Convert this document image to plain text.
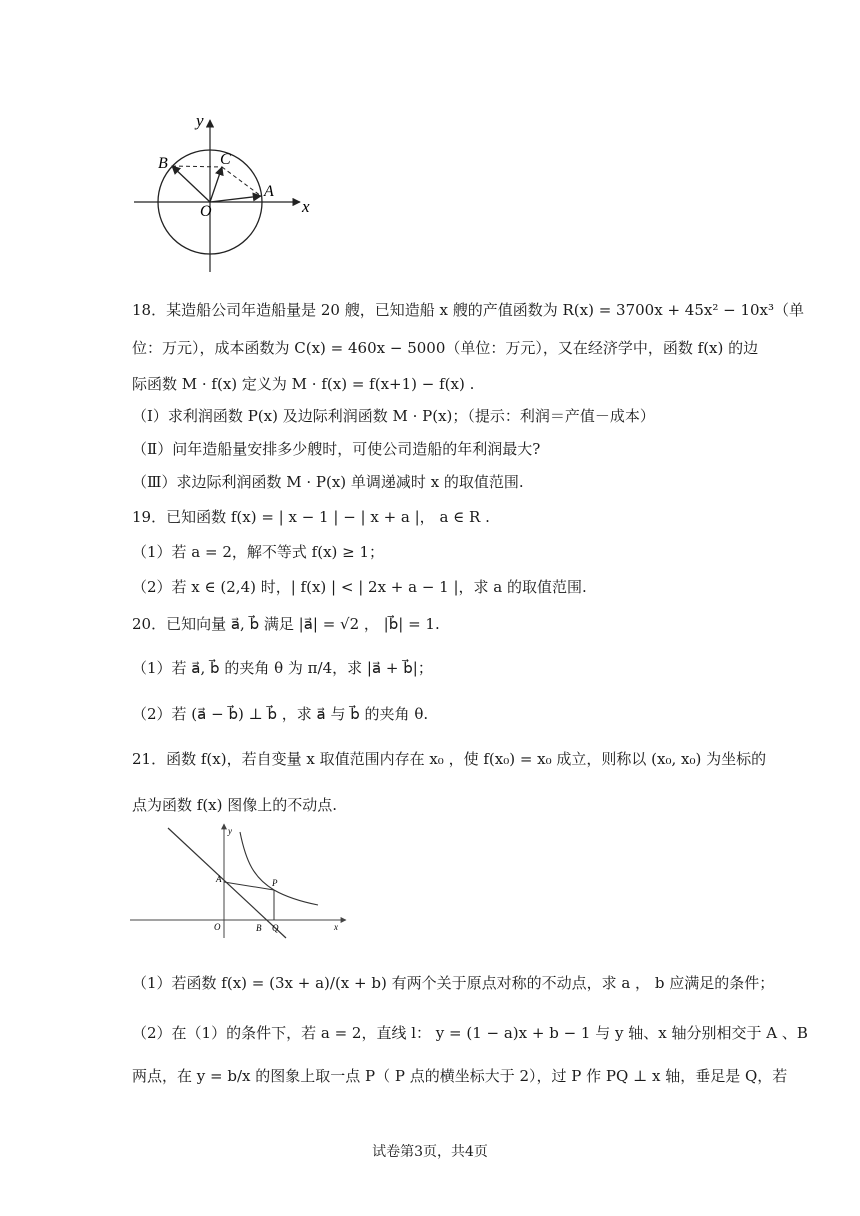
y
x
B	C
O
A
18．某造船公司年造船量是 20 艘，已知造船 x 艘的产值函数为 R(x) = 3700x + 45x² − 10x³（单
位：万元），成本函数为 C(x) = 460x − 5000（单位：万元），又在经济学中，函数 f(x) 的边
际函数 M · f(x) 定义为 M · f(x) = f(x+1) − f(x) .
（Ⅰ）求利润函数 P(x) 及边际利润函数 M · P(x)；（提示：利润＝产值－成本）
（Ⅱ）问年造船量安排多少艘时，可使公司造船的年利润最大?
（Ⅲ）求边际利润函数 M · P(x) 单调递减时 x 的取值范围.
19．已知函数 f(x) = | x − 1 | − | x + a |， a ∈ R .
（1）若 a = 2，解不等式 f(x) ≥ 1；
（2）若 x ∈ (2,4) 时，| f(x) | < | 2x + a − 1 |，求 a 的取值范围.
20．已知向量 a⃗, b⃗ 满足 |a⃗| = √2 ， |b⃗| = 1.
（1）若 a⃗, b⃗ 的夹角 θ 为 π/4，求 |a⃗ + b⃗|；
（2）若 (a⃗ − b⃗) ⊥ b⃗ ，求 a⃗ 与 b⃗ 的夹角 θ.
21．函数 f(x)，若自变量 x 取值范围内存在 x₀ ，使 f(x₀) = x₀ 成立，则称以 (x₀, x₀) 为坐标的
点为函数 f(x) 图像上的不动点.
y
x
A	P
O	B Q
（1）若函数 f(x) = (3x + a)/(x + b) 有两个关于原点对称的不动点，求 a ， b 应满足的条件；
（2）在（1）的条件下，若 a = 2，直线 l： y = (1 − a)x + b − 1 与 y 轴、x 轴分别相交于 A 、B
两点，在 y = b/x 的图象上取一点 P（ P 点的横坐标大于 2），过 P 作 PQ ⊥ x 轴，垂足是 Q，若
试卷第3页，共4页
